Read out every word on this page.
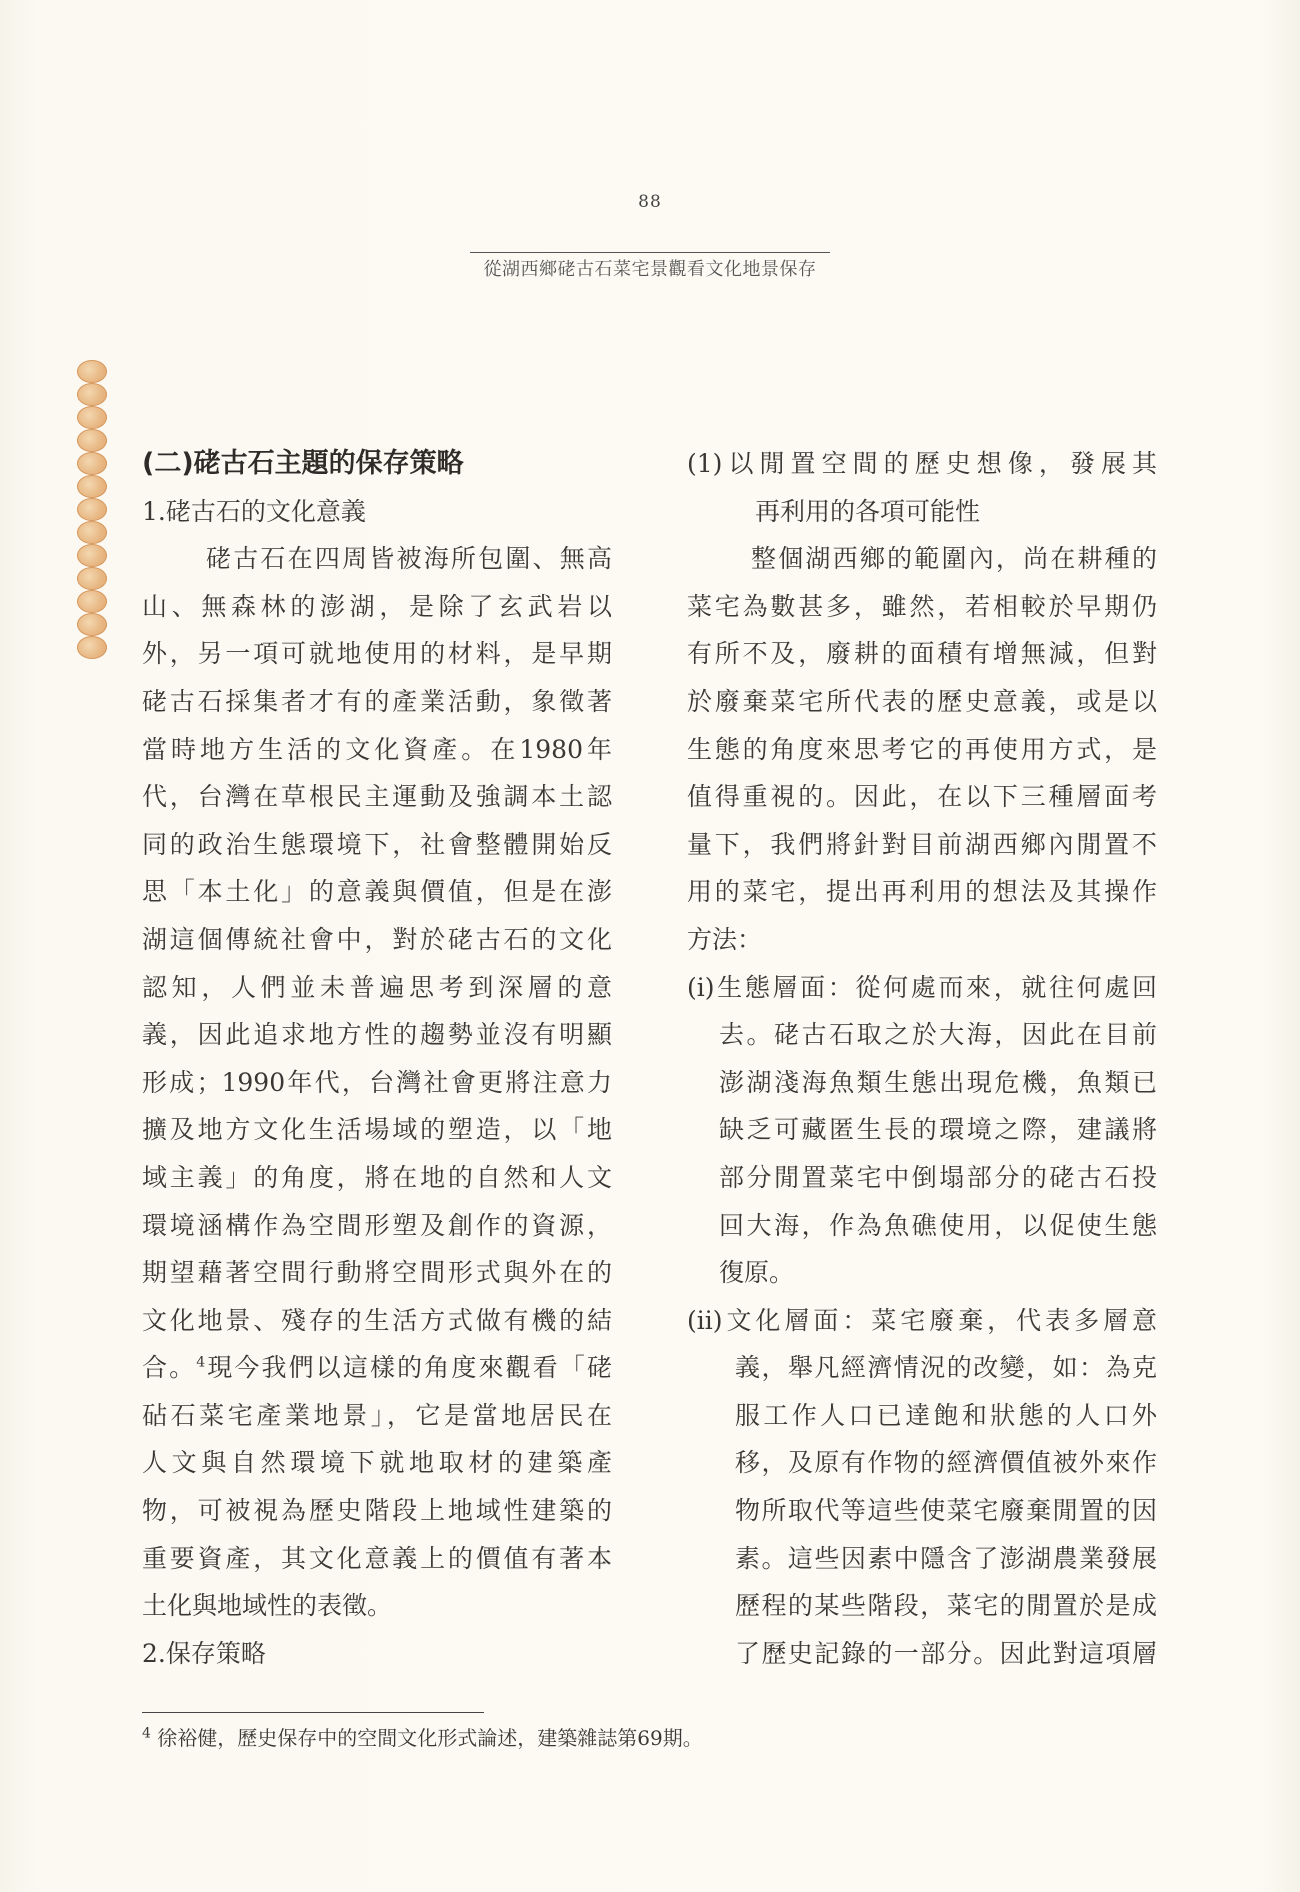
88
從湖西鄉硓古石菜宅景觀看文化地景保存
(二)硓古石主題的保存策略
1.硓古石的文化意義
硓古石在四周皆被海所包圍、無高
山、無森林的澎湖，是除了玄武岩以
外，另一項可就地使用的材料，是早期
硓古石採集者才有的產業活動，象徵著
當時地方生活的文化資產。在1980年
代，台灣在草根民主運動及強調本土認
同的政治生態環境下，社會整體開始反
思「本土化」的意義與價值，但是在澎
湖這個傳統社會中，對於硓古石的文化
認知，人們並未普遍思考到深層的意
義，因此追求地方性的趨勢並沒有明顯
形成；1990年代，台灣社會更將注意力
擴及地方文化生活場域的塑造，以「地
域主義」的角度，將在地的自然和人文
環境涵構作為空間形塑及創作的資源，
期望藉著空間行動將空間形式與外在的
文化地景、殘存的生活方式做有機的結
合。$^4$現今我們以這樣的角度來觀看「硓
砧石菜宅產業地景」，它是當地居民在
人文與自然環境下就地取材的建築產
物，可被視為歷史階段上地域性建築的
重要資產，其文化意義上的價值有著本
土化與地域性的表徵。
2.保存策略
(1)以閒置空間的歷史想像，發展其
再利用的各項可能性
整個湖西鄉的範圍內，尚在耕種的
菜宅為數甚多，雖然，若相較於早期仍
有所不及，廢耕的面積有增無減，但對
於廢棄菜宅所代表的歷史意義，或是以
生態的角度來思考它的再使用方式，是
值得重視的。因此，在以下三種層面考
量下，我們將針對目前湖西鄉內閒置不
用的菜宅，提出再利用的想法及其操作
方法：
(i)生態層面：從何處而來，就往何處回
去。硓古石取之於大海，因此在目前
澎湖淺海魚類生態出現危機，魚類已
缺乏可藏匿生長的環境之際，建議將
部分閒置菜宅中倒塌部分的硓古石投
回大海，作為魚礁使用，以促使生態
復原。
(ii)文化層面：菜宅廢棄，代表多層意
義，舉凡經濟情況的改變，如：為克
服工作人口已達飽和狀態的人口外
移，及原有作物的經濟價值被外來作
物所取代等這些使菜宅廢棄閒置的因
素。這些因素中隱含了澎湖農業發展
歷程的某些階段，菜宅的閒置於是成
了歷史記錄的一部分。因此對這項層
$^4$ 徐裕健，歷史保存中的空間文化形式論述，建築雜誌第69期。
